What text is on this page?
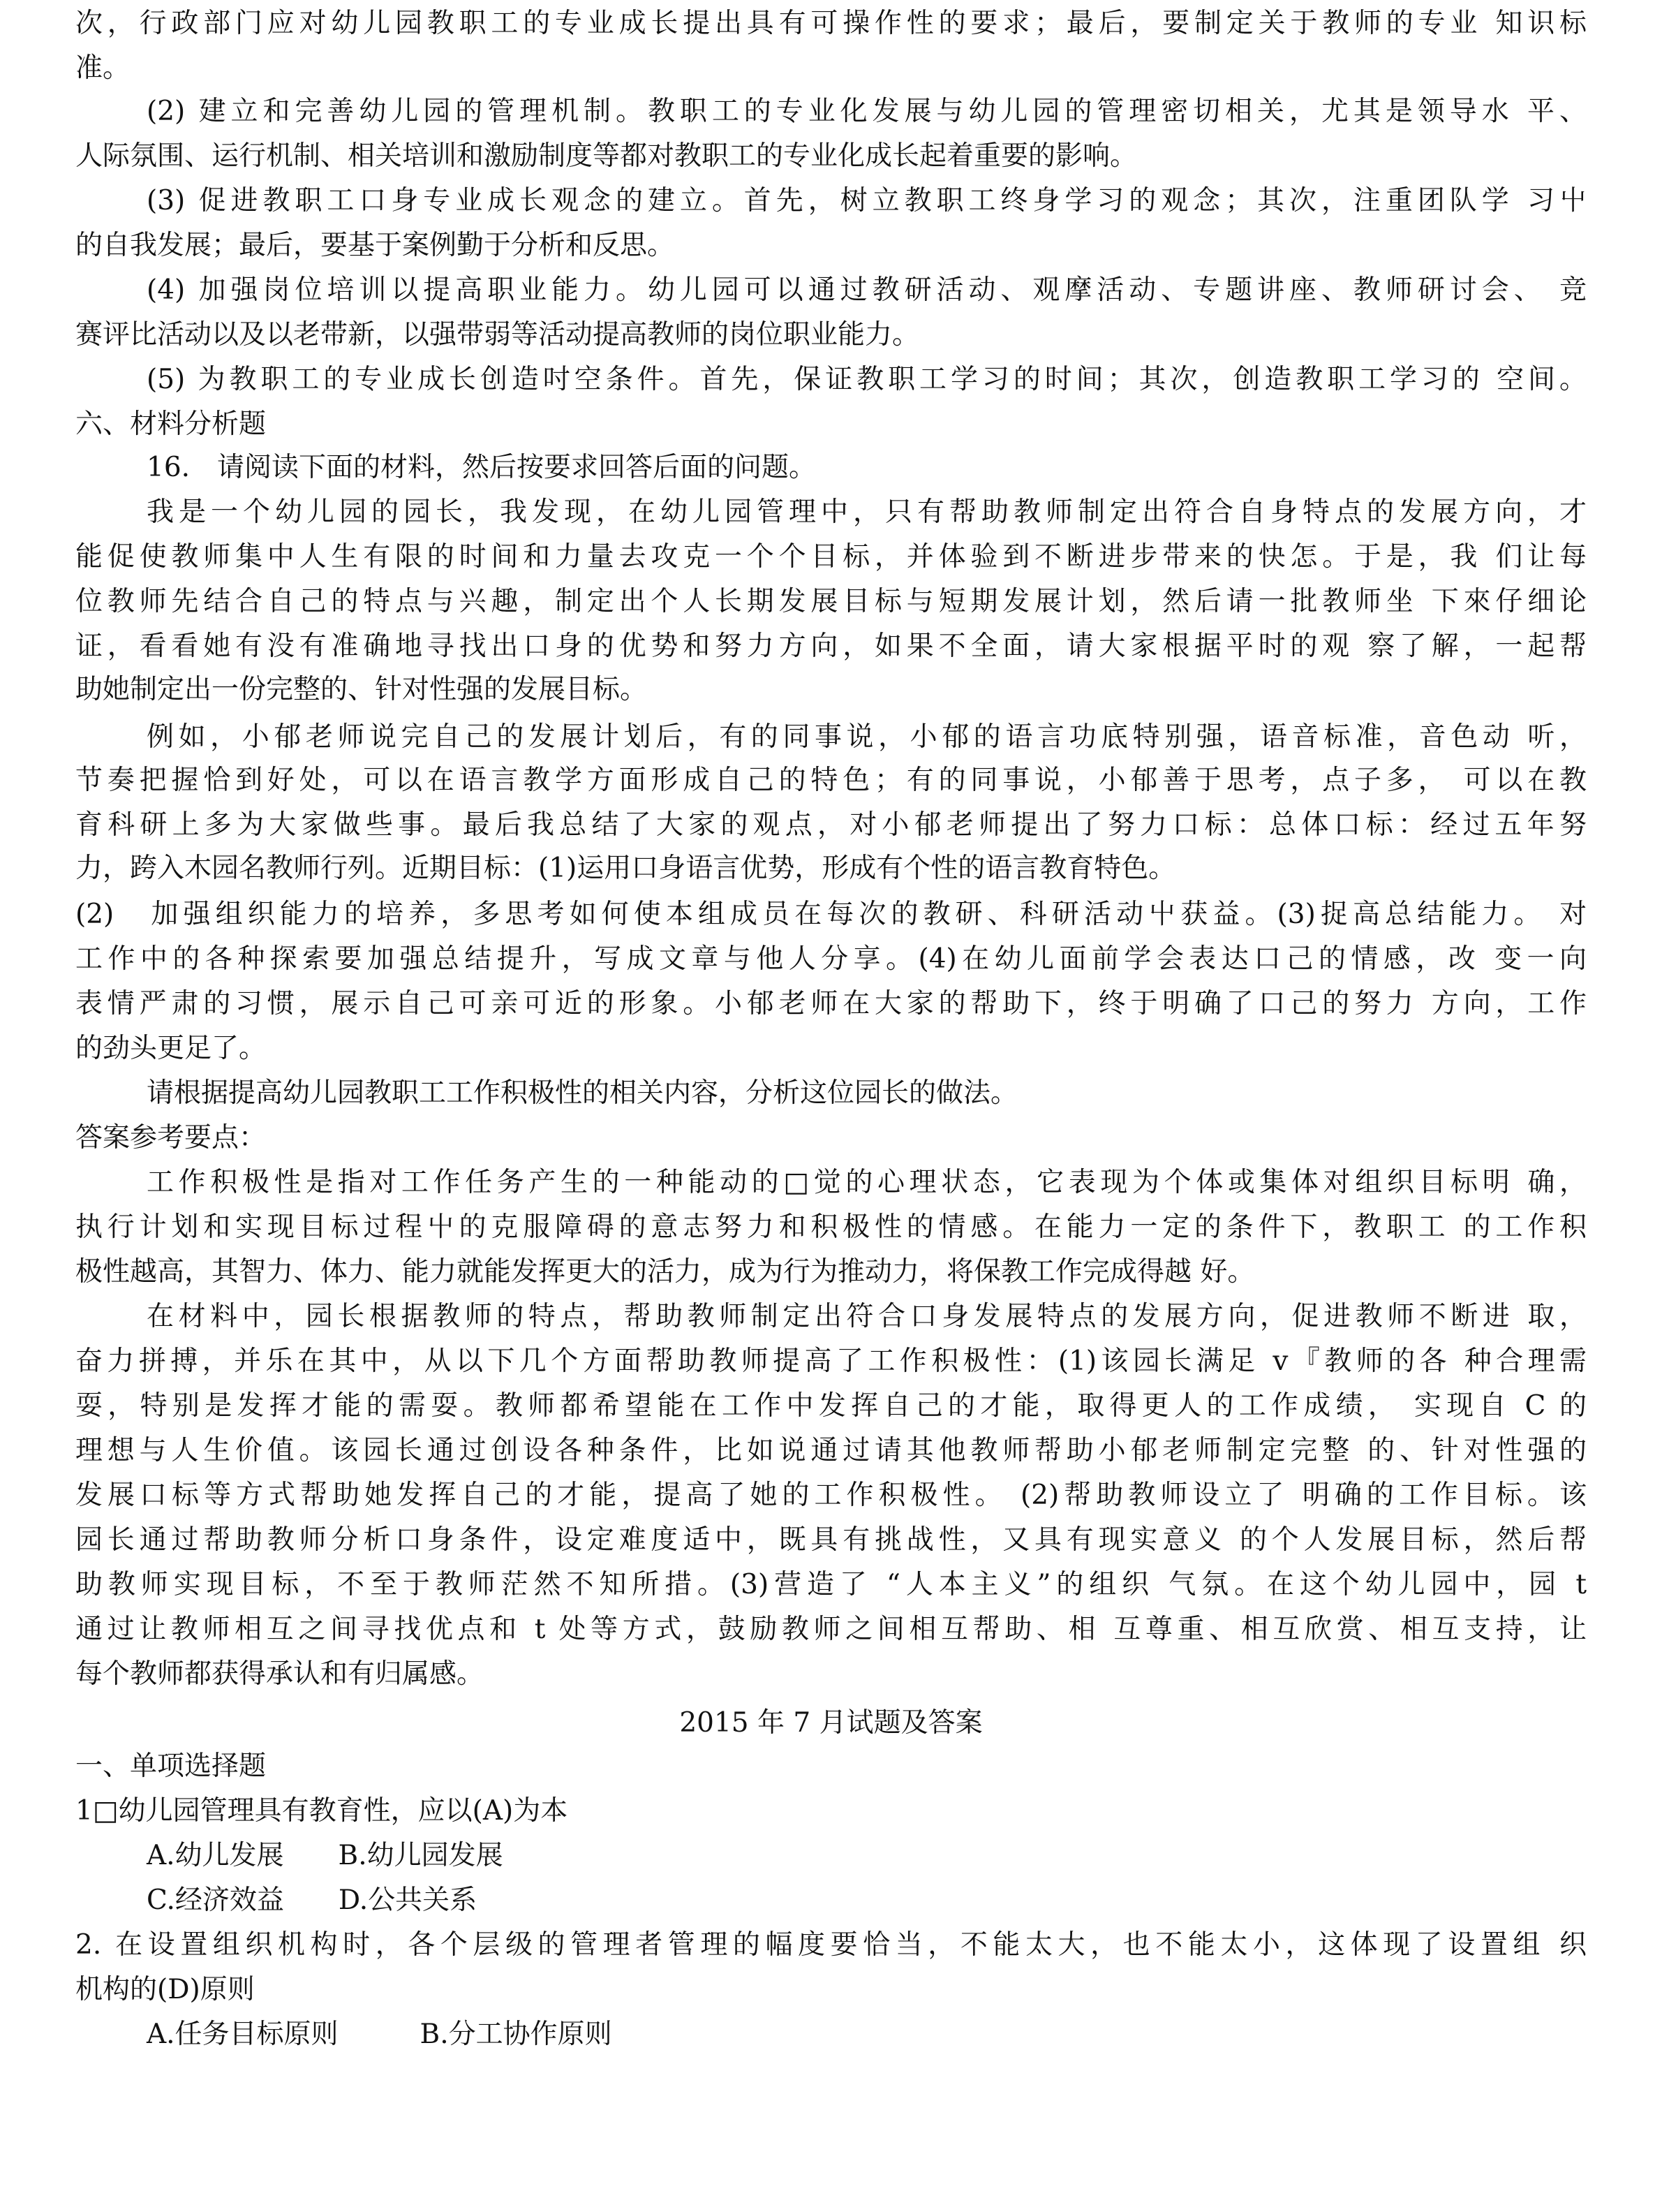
次，行政部门应对幼儿园教职工的专业成长提出具有可操作性的要求；最后，要制定关于教师的专业 知识标
准。
(2) 建立和完善幼儿园的管理机制。教职工的专业化发展与幼儿园的管理密切相关，尤其是领导水 平、
人际氛围、运行机制、相关培训和激励制度等都对教职工的专业化成长起着重要的影响。
(3) 促进教职工口身专业成长观念的建立。首先，树立教职工终身学习的观念；其次，注重团队学 习屮
的自我发展；最后，要基于案例勤于分析和反思。
(4) 加强岗位培训以提高职业能力。幼儿园可以通过教研活动、观摩活动、专题讲座、教师研讨会、 竞
赛评比活动以及以老带新，以强带弱等活动提高教师的岗位职业能力。
(5) 为教职工的专业成长创造吋空条件。首先，保证教职工学习的时间；其次，创造教职工学习的 空间。
六、材料分析题
16.　请阅读下面的材料，然后按要求回答后面的问题。
我是一个幼儿园的园长，我发现，在幼儿园管理中，只有帮助教师制定出符合自身特点的发展方向，才
能促使教师集中人生有限的时间和力量去攻克一个个目标，并体验到不断进步带来的快怎。于是，我 们让每
位教师先结合自己的特点与兴趣，制定出个人长期发展目标与短期发展计划，然后请一批教师坐 下來仔细论
证，看看她有没有准确地寻找出口身的优势和努力方向，如果不全面，请大家根据平时的观 察了解，一起帮
助她制定出一份完整的、针对性强的发展目标。
例如，小郁老师说完自己的发展计划后，有的同事说，小郁的语言功底特别强，语音标准，音色动 听，
节奏把握恰到好处，可以在语言教学方面形成自己的特色；有的同事说，小郁善于思考，点子多， 可以在教
育科研上多为大家做些事。最后我总结了大家的观点，对小郁老师提出了努力口标：总体口标：经过五年努
力，跨入木园名教师行列。近期目标：(1)运用口身语言优势，形成有个性的语言教育特色。
(2)　加强组织能力的培养，多思考如何使本组成员在每次的教研、科研活动屮获益。(3)捉高总结能力。 对
工作中的各种探索要加强总结提升，写成文章与他人分享。(4)在幼儿面前学会表达口己的情感，改 变一向
表情严肃的习惯，展示自己可亲可近的形象。小郁老师在大家的帮助下，终于明确了口己的努力 方向，工作
的劲头更足了。
请根据提高幼儿园教职工工作积极性的相关内容，分析这位园长的做法。
答案参考要点：
工作积极性是指对工作任务产生的一种能动的□觉的心理状态，它表现为个体或集体对组织目标明 确，
执行计划和实现目标过程屮的克服障碍的意志努力和积极性的情感。在能力一定的条件下，教职工 的工作积
极性越高，其智力、体力、能力就能发挥更大的活力，成为行为推动力，将保教工作完成得越 好。
在材料中，园长根据教师的特点，帮助教师制定出符合口身发展特点的发展方向，促进教师不断进 取，
奋力拼搏，并乐在其中，从以下几个方面帮助教师提高了工作积极性：(1)该园长满足 v『教师的各 种合理需
耍，特别是发挥才能的需耍。教师都希望能在工作中发挥自己的才能，取得更人的工作成绩， 实现自 C 的
理想与人生价值。该园长通过创设各种条件，比如说通过请其他教师帮助小郁老师制定完整 的、针对性强的
发展口标等方式帮助她发挥自己的才能，提高了她的工作积极性。 (2)帮助教师设立了 明确的工作目标。该
园长通过帮助教师分析口身条件，设定难度适中，既具有挑战性，又具有现实意义 的个人发展目标，然后帮
助教师实现目标，不至于教师茫然不知所措。(3)营造了 “人本主义”的组织 气氛。在这个幼儿园中，园 t
通过让教师相互之间寻找优点和 t 处等方式，鼓励教师之间相互帮助、相 互尊重、相互欣赏、相互支持，让
每个教师都获得承认和有归属感。
2015 年 7 月试题及答案
一、单项选择题
1□幼儿园管理具有教育性，应以(A)为本
A.幼儿发展　　B.幼儿园发展
C.经济效益　　D.公共关系
2. 在设置组织机构时，各个层级的管理者管理的幅度要恰当，不能太大，也不能太小，这体现了设置组 织
机构的(D)原则
A.任务目标原则　　　B.分工协作原则
